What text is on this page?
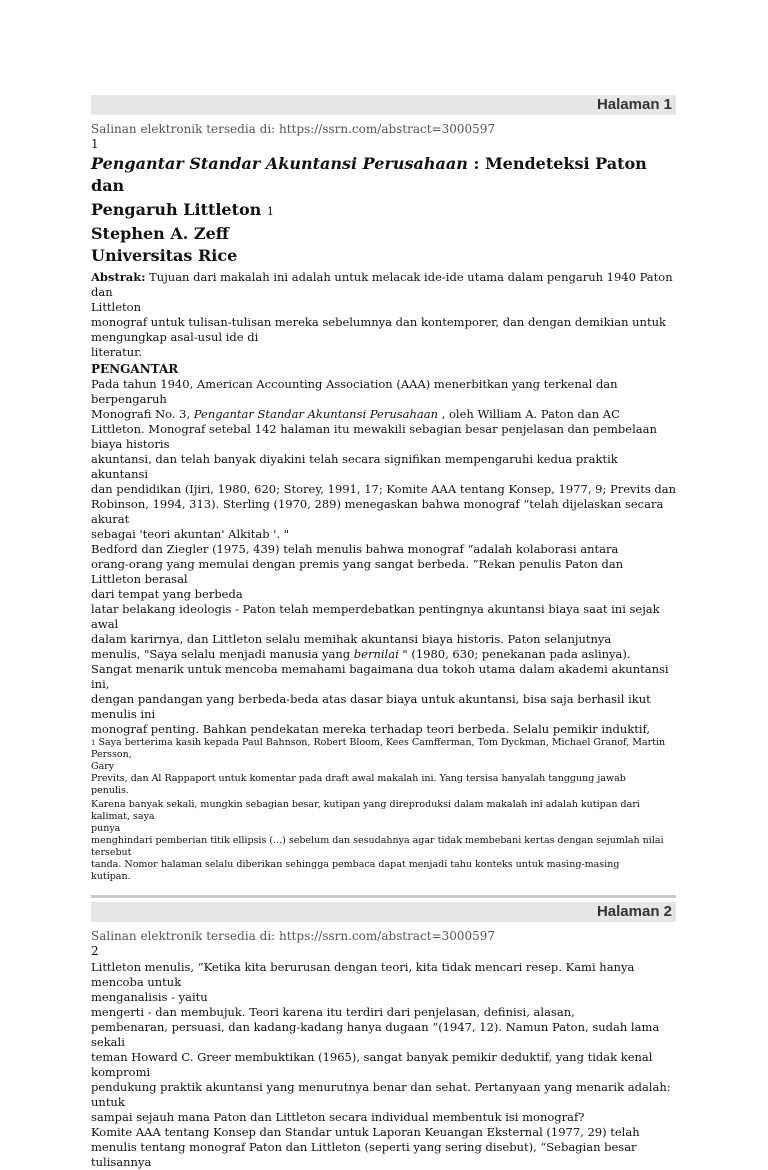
Halaman 1
Salinan elektronik tersedia di: https://ssrn.com/abstract=3000597
1
Pengantar Standar Akuntansi Perusahaan : Mendeteksi Paton dan
Pengaruh Littleton 1
Stephen A. Zeff
Universitas Rice

Abstrak: Tujuan dari makalah ini adalah untuk melacak ide-ide utama dalam pengaruh 1940 Paton dan

Littleton

monograf untuk tulisan-tulisan mereka sebelumnya dan kontemporer, dan dengan demikian untuk

mengungkap asal-usul ide di

literatur.

PENGANTAR

Pada tahun 1940, American Accounting Association (AAA) menerbitkan yang terkenal dan berpengaruh

Monografi No. 3, Pengantar Standar Akuntansi Perusahaan , oleh William A. Paton dan AC

Littleton. Monograf setebal 142 halaman itu mewakili sebagian besar penjelasan dan pembelaan biaya historis

akuntansi, dan telah banyak diyakini telah secara signifikan mempengaruhi kedua praktik akuntansi

dan pendidikan (Ijiri, 1980, 620; Storey, 1991, 17; Komite AAA tentang Konsep, 1977, 9; Previts dan

Robinson, 1994, 313). Sterling (1970, 289) menegaskan bahwa monograf “telah dijelaskan secara akurat

sebagai 'teori akuntan' Alkitab '. "

Bedford dan Ziegler (1975, 439) telah menulis bahwa monograf “adalah kolaborasi antara

orang-orang yang memulai dengan premis yang sangat berbeda. ”Rekan penulis Paton dan Littleton berasal

dari tempat yang berbeda

latar belakang ideologis - Paton telah memperdebatkan pentingnya akuntansi biaya saat ini sejak awal

dalam karirnya, dan Littleton selalu memihak akuntansi biaya historis. Paton selanjutnya

menulis, "Saya selalu menjadi manusia yang bernilai " (1980, 630; penekanan pada aslinya).

Sangat menarik untuk mencoba memahami bagaimana dua tokoh utama dalam akademi akuntansi ini,

dengan pandangan yang berbeda-beda atas dasar biaya untuk akuntansi, bisa saja berhasil ikut menulis ini

monograf penting. Bahkan pendekatan mereka terhadap teori berbeda. Selalu pemikir induktif,

1 Saya berterima kasih kepada Paul Bahnson, Robert Bloom, Kees Camfferman, Tom Dyckman, Michael Granof, Martin Persson,

Gary

Previts, dan Al Rappaport untuk komentar pada draft awal makalah ini. Yang tersisa hanyalah tanggung jawab

penulis.

Karena banyak sekali, mungkin sebagian besar, kutipan yang direproduksi dalam makalah ini adalah kutipan dari kalimat, saya

punya

menghindari pemberian titik ellipsis (...) sebelum dan sesudahnya agar tidak membebani kertas dengan sejumlah nilai tersebut

tanda. Nomor halaman selalu diberikan sehingga pembaca dapat menjadi tahu konteks untuk masing-masing

kutipan.

Halaman 2
Salinan elektronik tersedia di: https://ssrn.com/abstract=3000597
2

Littleton menulis, “Ketika kita berurusan dengan teori, kita tidak mencari resep. Kami hanya mencoba untuk

menganalisis - yaitu

mengerti - dan membujuk. Teori karena itu terdiri dari penjelasan, definisi, alasan,

pembenaran, persuasi, dan kadang-kadang hanya dugaan ”(1947, 12). Namun Paton, sudah lama sekali

teman Howard C. Greer membuktikan (1965), sangat banyak pemikir deduktif, yang tidak kenal kompromi

pendukung praktik akuntansi yang menurutnya benar dan sehat. Pertanyaan yang menarik adalah: untuk

sampai sejauh mana Paton dan Littleton secara individual membentuk isi monograf?

Komite AAA tentang Konsep dan Standar untuk Laporan Keuangan Eksternal (1977, 29) telah

menulis tentang monograf Paton dan Littleton (seperti yang sering disebut), “Sebagian besar tulisannya
